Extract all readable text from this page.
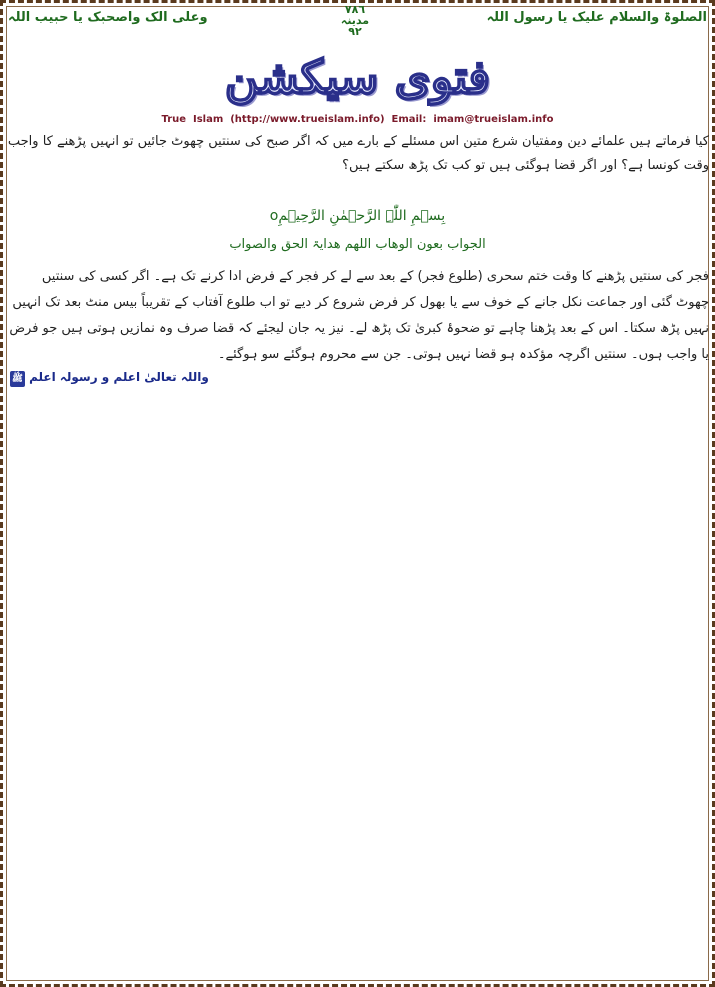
الصلوۃ والسلام علیک یا رسول اللہ
وعلی الک واصحبک یا حبیب اللہ
٧٨٦
مدینہ
٩٢
فتوی سیکشن
True  Islam  (http://www.trueislam.info)  Email:  imam@trueislam.info
کیا فرماتے ہیں علمائے دین ومفتیان شرع متین اس مسئلے کے بارے میں کہ اگر صبح کی سنتیں چھوٹ جائیں تو انہیں پڑھنے کا واجب وقت کونسا ہے؟ اور اگر قضا ہوگئی ہیں تو کب تک پڑھ سکتے ہیں؟
بِسۡمِ اللّٰہِ الرَّحۡمٰنِ الرَّحِیۡمِo
الجواب بعون الوھاب اللھم ھدایۃ الحق والصواب
فجر کی سنتیں پڑھنے کا وقت ختم سحری (طلوع فجر) کے بعد سے لے کر فجر کے فرض ادا کرنے تک ہے۔ اگر کسی کی سنتیں چھوٹ گئی اور جماعت نکل جانے کے خوف سے یا بھول کر فرض شروع کر دیے تو اب طلوع آفتاب کے تقریباً بیس منٹ بعد تک انہیں نہیں پڑھ سکتا۔ اس کے بعد پڑھنا چاہے تو ضحوۂ کبریٰ تک پڑھ لے۔ نیز یہ جان لیجئے کہ قضا صرف وہ نمازیں ہوتی ہیں جو فرض یا واجب ہوں۔ سنتیں اگرچہ مؤکدہ ہو قضا نہیں ہوتی۔ جن سے محروم ہوگئے سو ہوگئے۔
واللہ تعالیٰ اعلم و رسولہ اعلم ﷺ
